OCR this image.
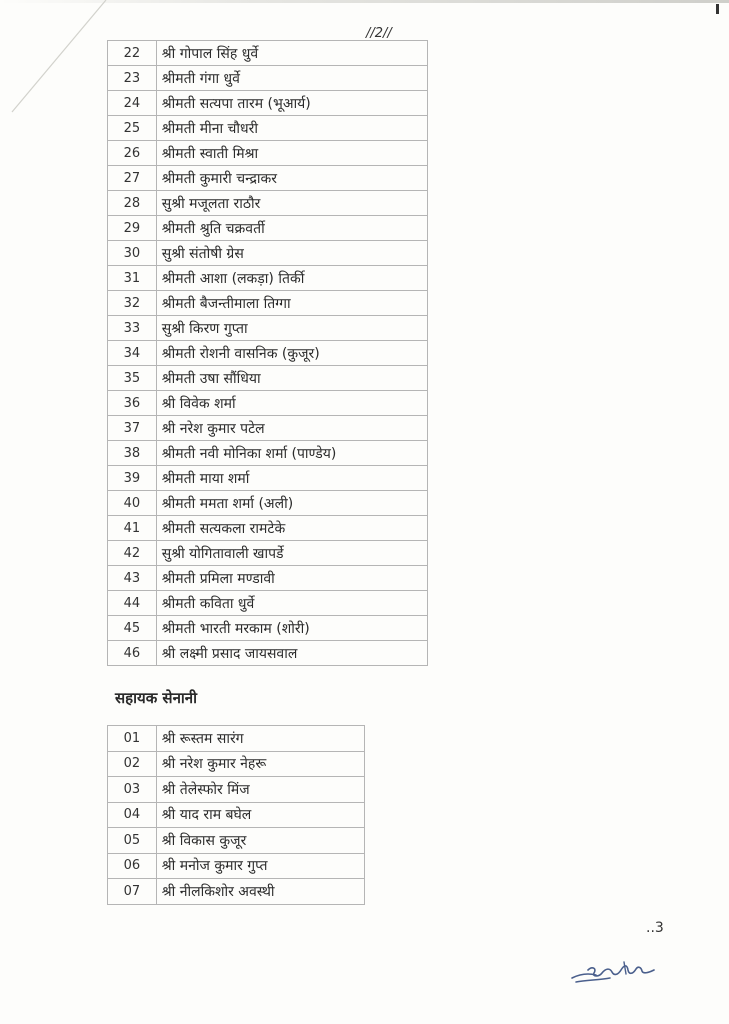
//2//
22	श्री गोपाल सिंह धुर्वे
23	श्रीमती गंगा धुर्वे
24	श्रीमती सत्यपा तारम (भूआर्य)
25	श्रीमती मीना चौधरी
26	श्रीमती स्वाती मिश्रा
27	श्रीमती कुमारी चन्द्राकर
28	सुश्री मजूलता राठौर
29	श्रीमती श्रुति चक्रवर्ती
30	सुश्री संतोषी ग्रेस
31	श्रीमती आशा (लकड़ा) तिर्की
32	श्रीमती बैजन्तीमाला तिग्गा
33	सुश्री किरण गुप्ता
34	श्रीमती रोशनी वासनिक (कुजूर)
35	श्रीमती उषा सौंधिया
36	श्री विवेक शर्मा
37	श्री नरेश कुमार पटेल
38	श्रीमती नवी मोनिका शर्मा (पाण्डेय)
39	श्रीमती माया शर्मा
40	श्रीमती ममता शर्मा (अली)
41	श्रीमती सत्यकला रामटेके
42	सुश्री योगितावाली खापर्डे
43	श्रीमती प्रमिला मण्डावी
44	श्रीमती कविता धुर्वे
45	श्रीमती भारती मरकाम (शोरी)
46	श्री लक्ष्मी प्रसाद जायसवाल
सहायक सेनानी
01	श्री रूस्तम सारंग
02	श्री नरेश कुमार नेहरू
03	श्री तेलेस्फोर मिंज
04	श्री याद राम बघेल
05	श्री विकास कुजूर
06	श्री मनोज कुमार गुप्त
07	श्री नीलकिशोर अवस्थी
..3
